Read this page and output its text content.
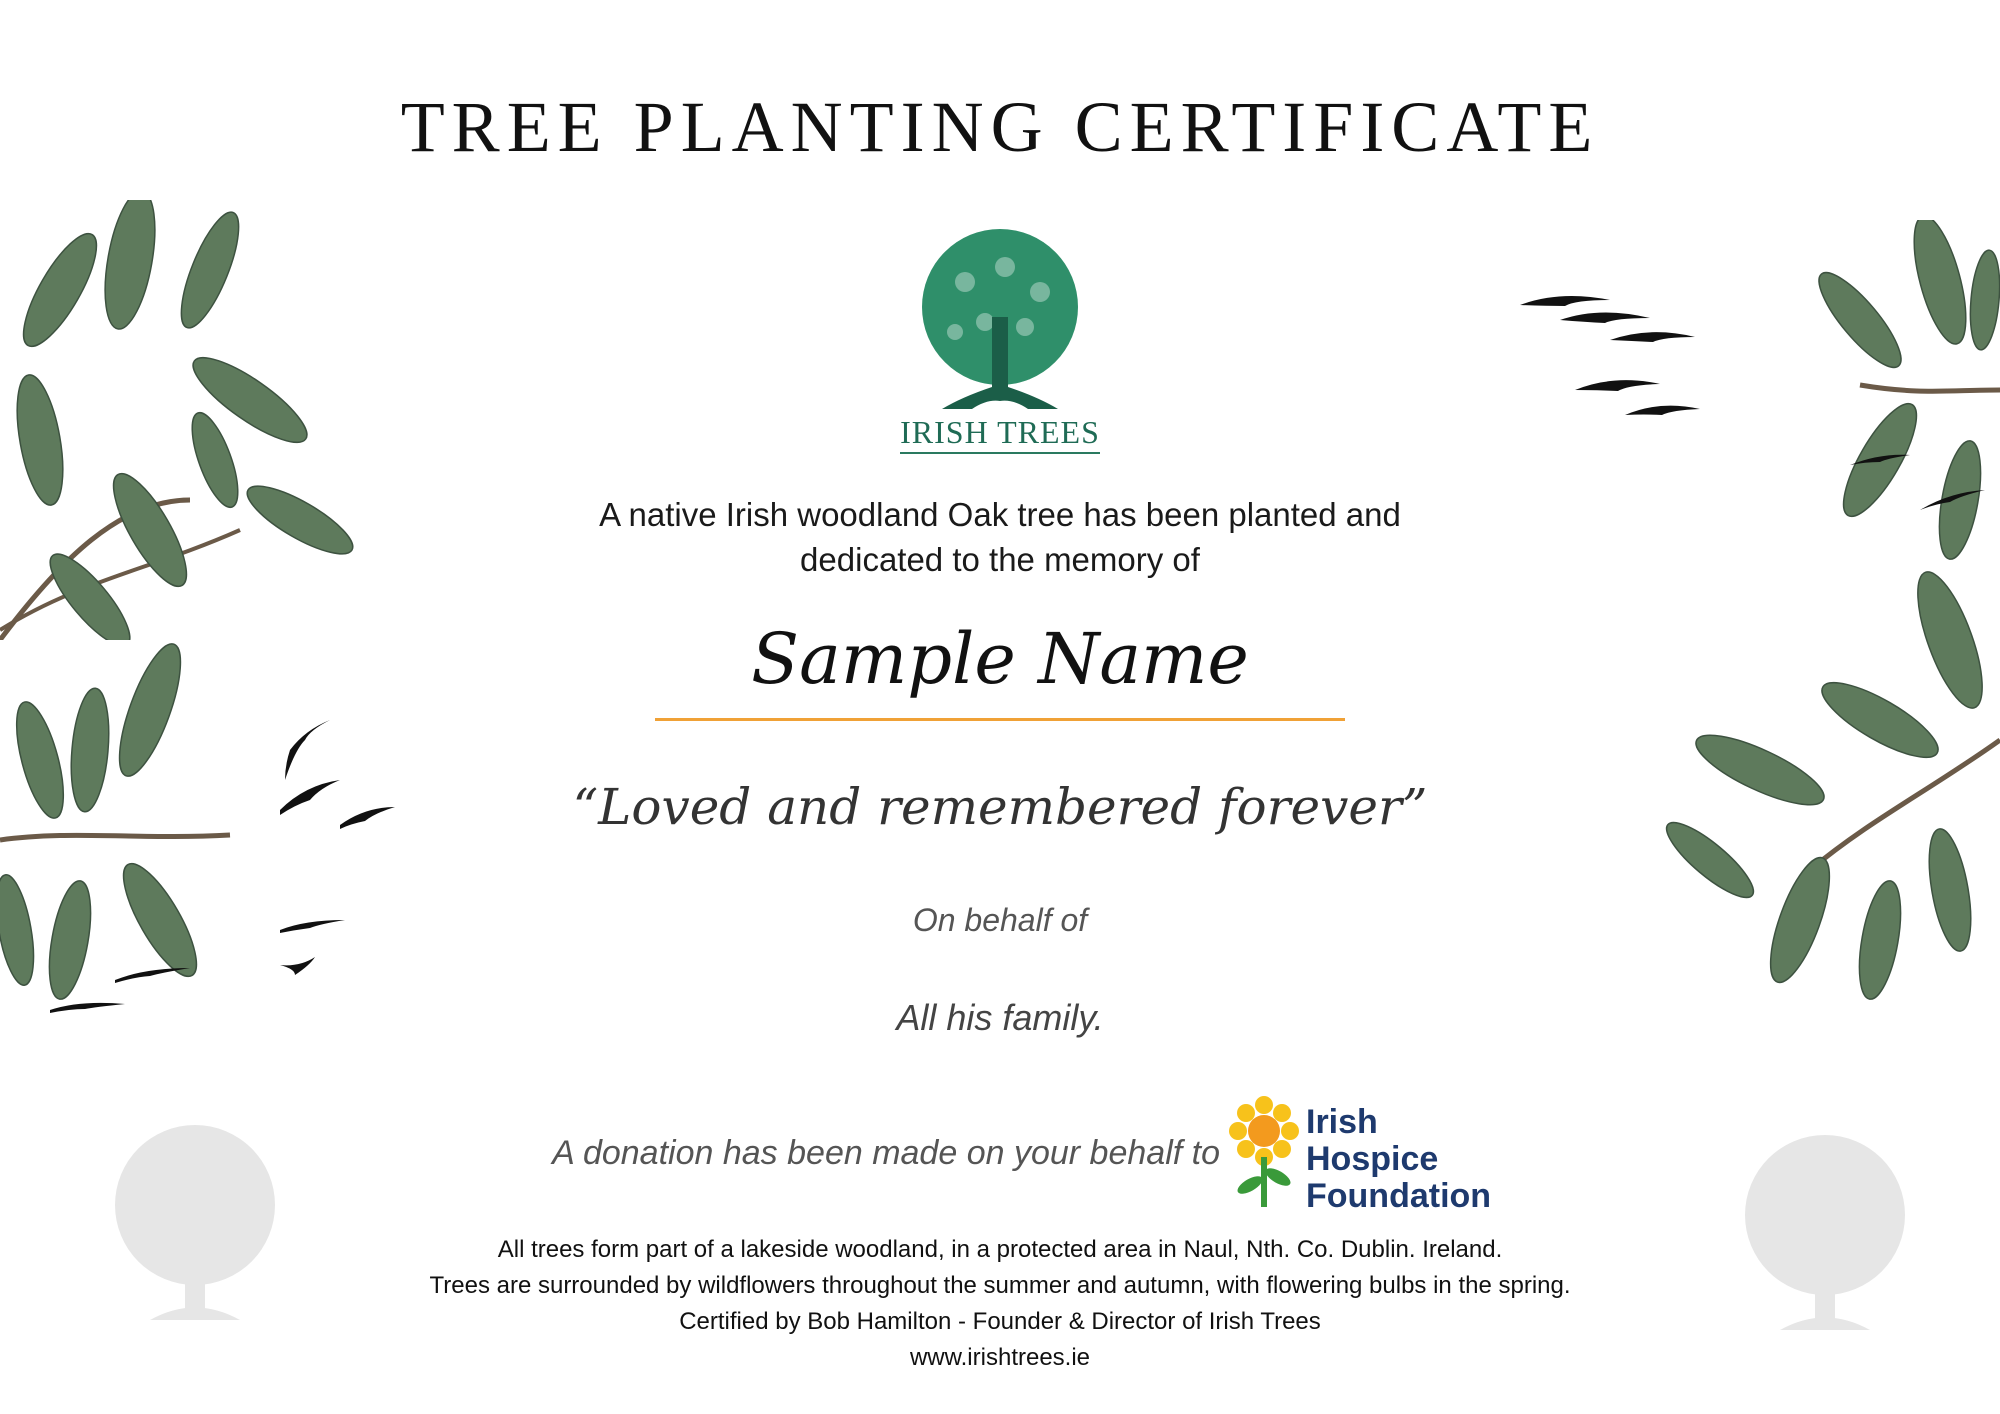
TREE PLANTING CERTIFICATE
IRISH TREES
A native Irish woodland Oak tree has been planted and
dedicated to the memory of
Sample Name
“Loved and remembered forever”
On behalf of
All his family.
A donation has been made on your behalf to
Irish
Hospice
Foundation
All trees form part of a lakeside woodland, in a protected area in Naul, Nth. Co. Dublin. Ireland.
Trees are surrounded by wildflowers throughout the summer and autumn, with flowering bulbs in the spring.
Certified by Bob Hamilton - Founder & Director of Irish Trees
www.irishtrees.ie
